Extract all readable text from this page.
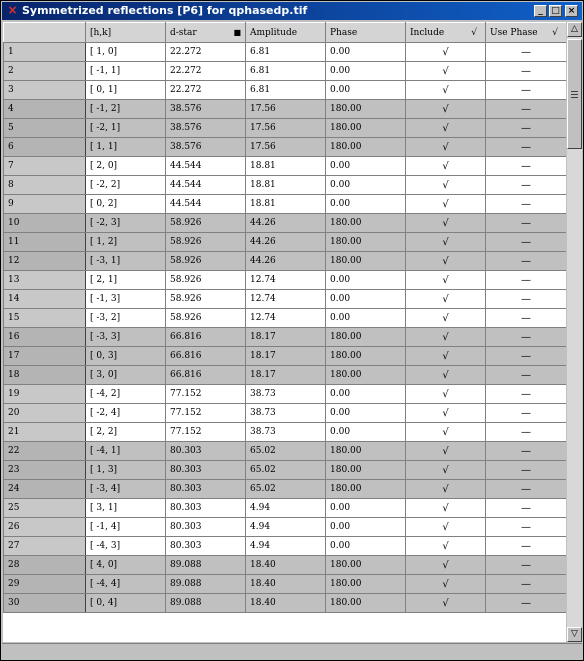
× Symmetrized reflections [P6] for qphasedp.tif	_ □ ×
	[h,k]	d-star ■	Amplitude	Phase	Include √	Use Phase √

1	[ 1, 0]	22.272	6.81	0.00	√	—
2	[ -1, 1]	22.272	6.81	0.00	√	—
3	[ 0, 1]	22.272	6.81	0.00	√	—
4	[ -1, 2]	38.576	17.56	180.00	√	—
5	[ -2, 1]	38.576	17.56	180.00	√	—
6	[ 1, 1]	38.576	17.56	180.00	√	—
7	[ 2, 0]	44.544	18.81	0.00	√	—
8	[ -2, 2]	44.544	18.81	0.00	√	—
9	[ 0, 2]	44.544	18.81	0.00	√	—
10	[ -2, 3]	58.926	44.26	180.00	√	—
11	[ 1, 2]	58.926	44.26	180.00	√	—
12	[ -3, 1]	58.926	44.26	180.00	√	—
13	[ 2, 1]	58.926	12.74	0.00	√	—
14	[ -1, 3]	58.926	12.74	0.00	√	—
15	[ -3, 2]	58.926	12.74	0.00	√	—
16	[ -3, 3]	66.816	18.17	180.00	√	—
17	[ 0, 3]	66.816	18.17	180.00	√	—
18	[ 3, 0]	66.816	18.17	180.00	√	—
19	[ -4, 2]	77.152	38.73	0.00	√	—
20	[ -2, 4]	77.152	38.73	0.00	√	—
21	[ 2, 2]	77.152	38.73	0.00	√	—
22	[ -4, 1]	80.303	65.02	180.00	√	—
23	[ 1, 3]	80.303	65.02	180.00	√	—
24	[ -3, 4]	80.303	65.02	180.00	√	—
25	[ 3, 1]	80.303	4.94	0.00	√	—
26	[ -1, 4]	80.303	4.94	0.00	√	—
27	[ -4, 3]	80.303	4.94	0.00	√	—
28	[ 4, 0]	89.088	18.40	180.00	√	—
29	[ -4, 4]	89.088	18.40	180.00	√	—
30	[ 0, 4]	89.088	18.40	180.00	√	—
△
▽
